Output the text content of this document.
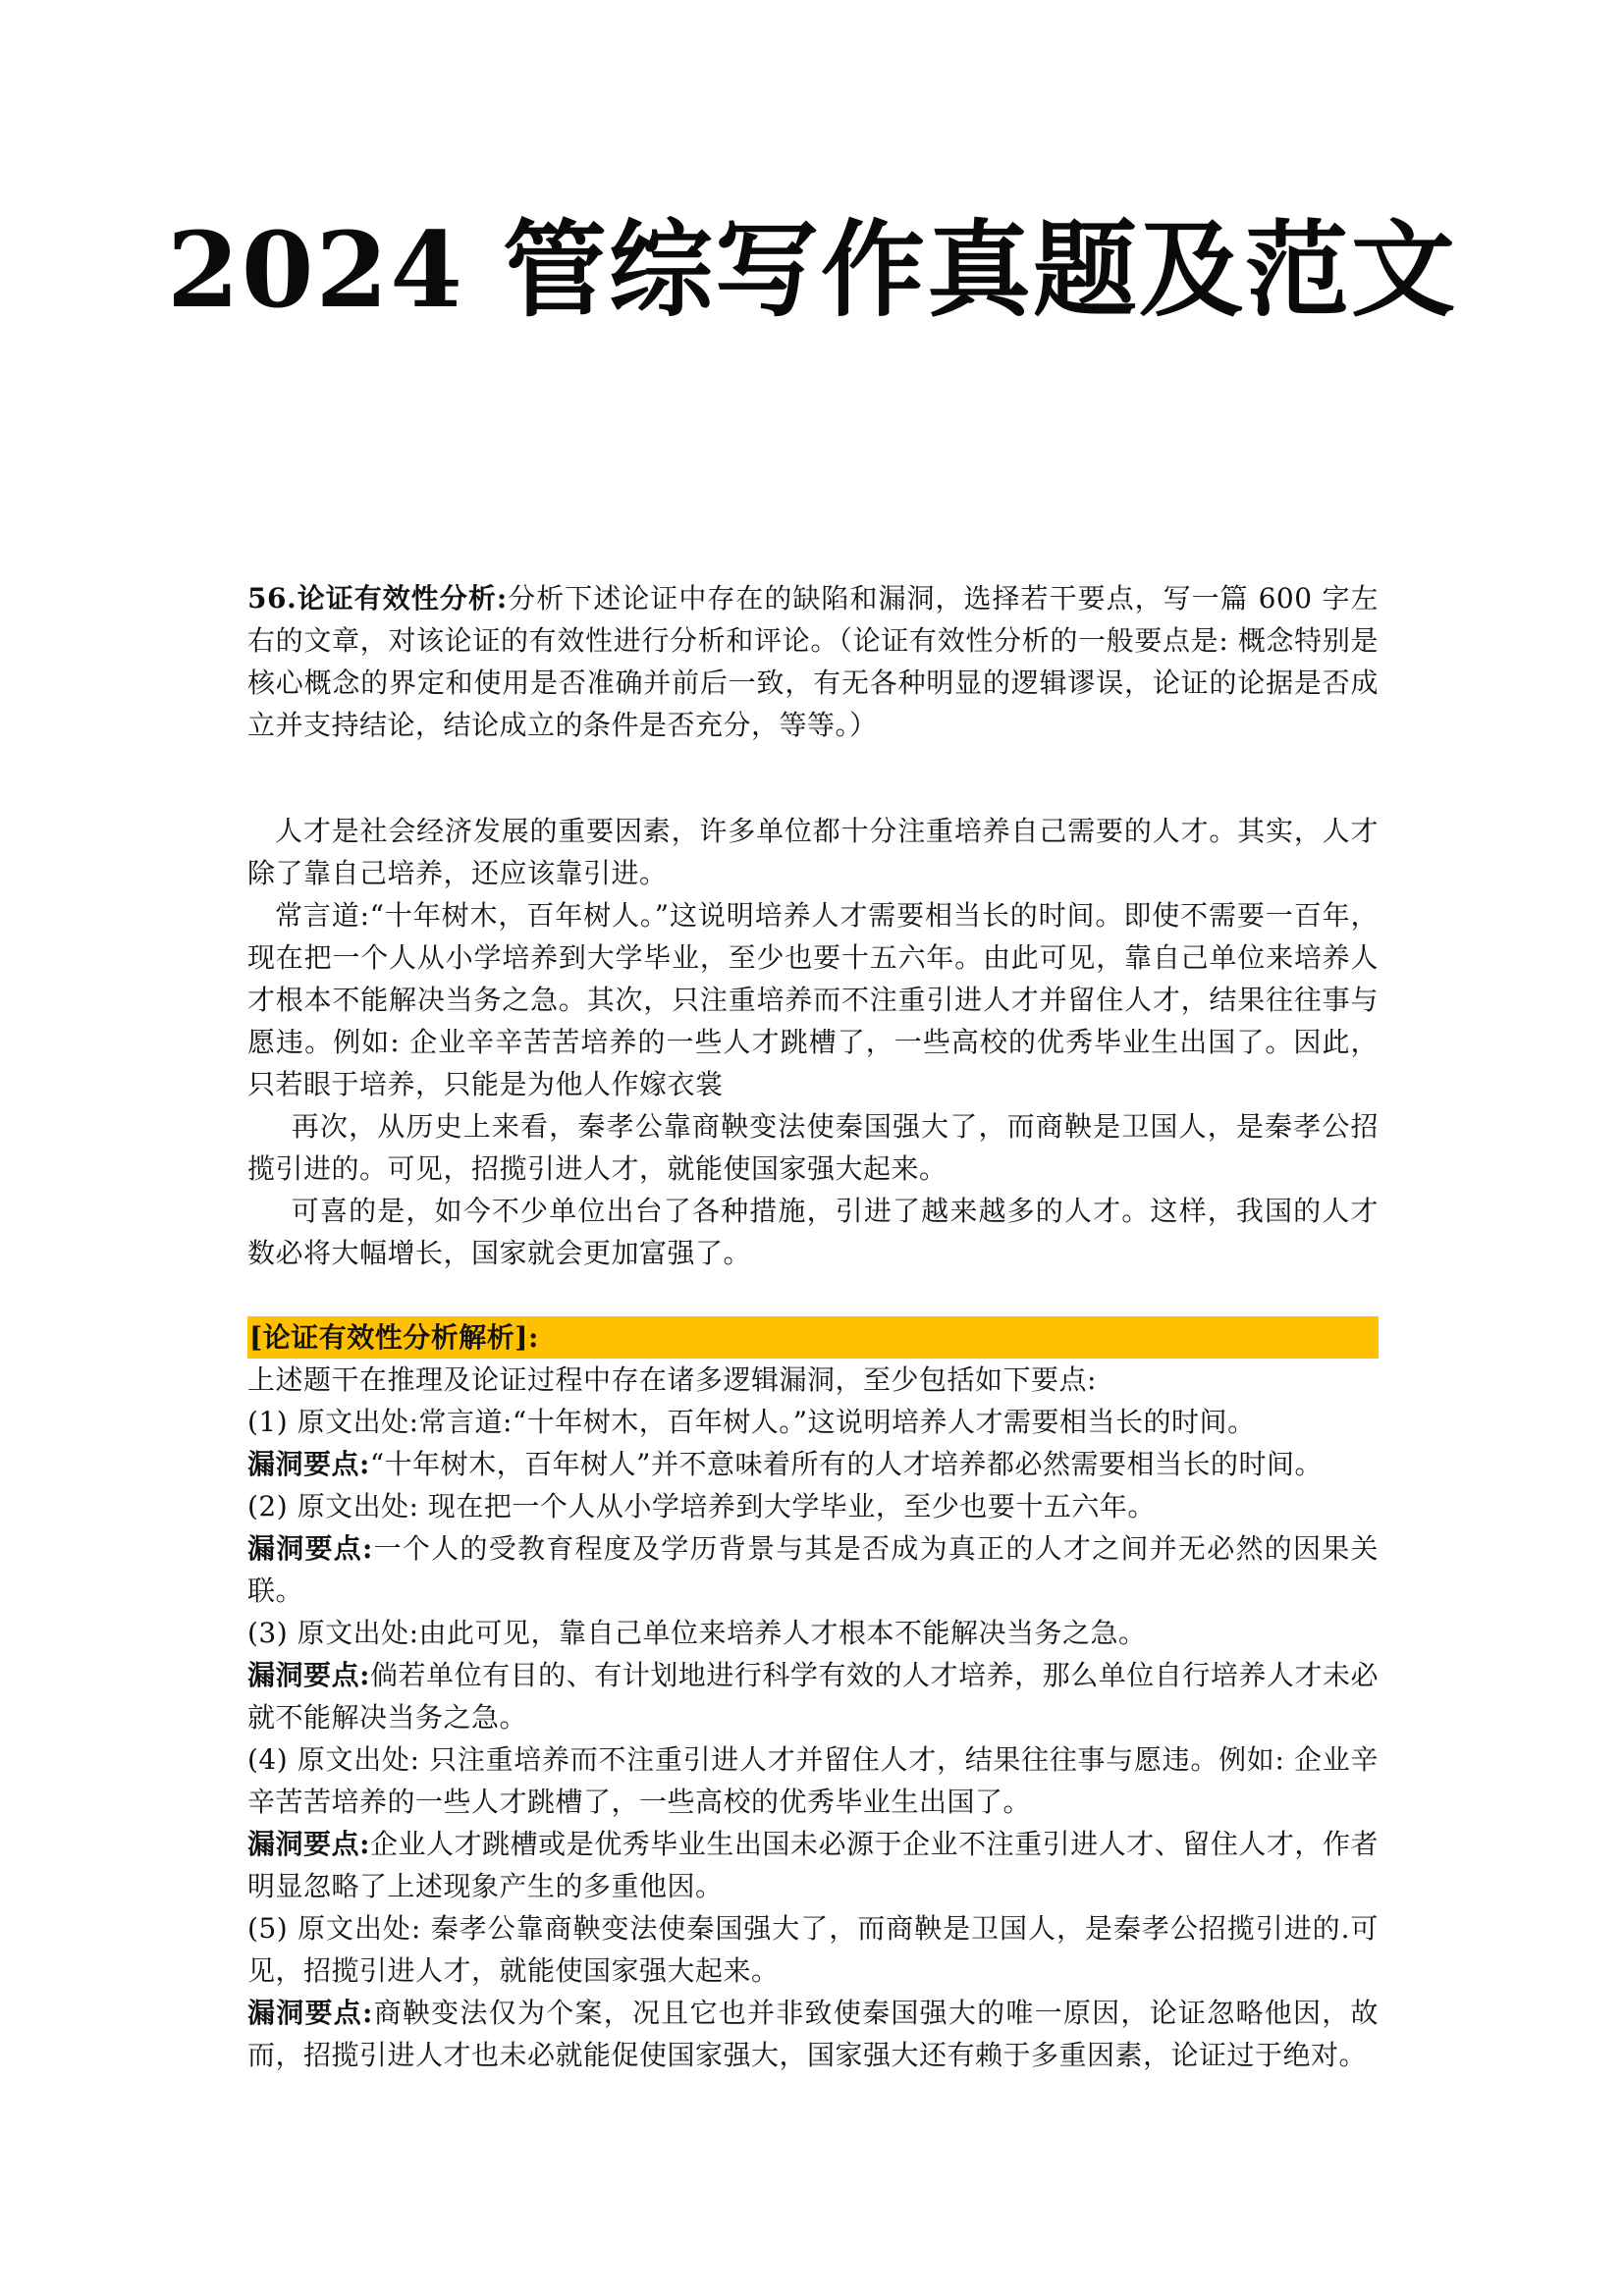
2024 管综写作真题及范文

56.论证有效性分析:分析下述论证中存在的缺陷和漏洞，选择若干要点，写一篇 600 字左右的文章，对该论证的有效性进行分析和评论。（论证有效性分析的一般要点是: 概念特别是核心概念的界定和使用是否准确并前后一致，有无各种明显的逻辑谬误，论证的论据是否成立并支持结论，结论成立的条件是否充分，等等。）

人才是社会经济发展的重要因素，许多单位都十分注重培养自己需要的人才。其实，人才除了靠自己培养，还应该靠引进。

常言道:“十年树木，百年树人。”这说明培养人才需要相当长的时间。即使不需要一百年，现在把一个人从小学培养到大学毕业，至少也要十五六年。由此可见，靠自己单位来培养人才根本不能解决当务之急。其次，只注重培养而不注重引进人才并留住人才，结果往往事与愿违。例如: 企业辛辛苦苦培养的一些人才跳槽了，一些高校的优秀毕业生出国了。因此，只若眼于培养，只能是为他人作嫁衣裳

再次，从历史上来看，秦孝公靠商鞅变法使秦国强大了，而商鞅是卫国人，是秦孝公招揽引进的。可见，招揽引进人才，就能使国家强大起来。

可喜的是，如今不少单位出台了各种措施，引进了越来越多的人才。这样，我国的人才数必将大幅增长，国家就会更加富强了。

[论证有效性分析解析]:

上述题干在推理及论证过程中存在诸多逻辑漏洞，至少包括如下要点:

(1) 原文出处:常言道:“十年树木，百年树人。”这说明培养人才需要相当长的时间。

漏洞要点:“十年树木，百年树人”并不意味着所有的人才培养都必然需要相当长的时间。

(2) 原文出处: 现在把一个人从小学培养到大学毕业，至少也要十五六年。

漏洞要点:一个人的受教育程度及学历背景与其是否成为真正的人才之间并无必然的因果关联。

(3) 原文出处:由此可见，靠自己单位来培养人才根本不能解决当务之急。

漏洞要点:倘若单位有目的、有计划地进行科学有效的人才培养，那么单位自行培养人才未必就不能解决当务之急。

(4) 原文出处: 只注重培养而不注重引进人才并留住人才，结果往往事与愿违。例如: 企业辛辛苦苦培养的一些人才跳槽了，一些高校的优秀毕业生出国了。

漏洞要点:企业人才跳槽或是优秀毕业生出国未必源于企业不注重引进人才、留住人才，作者明显忽略了上述现象产生的多重他因。

(5) 原文出处: 秦孝公靠商鞅变法使秦国强大了，而商鞅是卫国人，是秦孝公招揽引进的.可见，招揽引进人才，就能使国家强大起来。

漏洞要点:商鞅变法仅为个案，况且它也并非致使秦国强大的唯一原因，论证忽略他因，故而，招揽引进人才也未必就能促使国家强大，国家强大还有赖于多重因素，论证过于绝对。
